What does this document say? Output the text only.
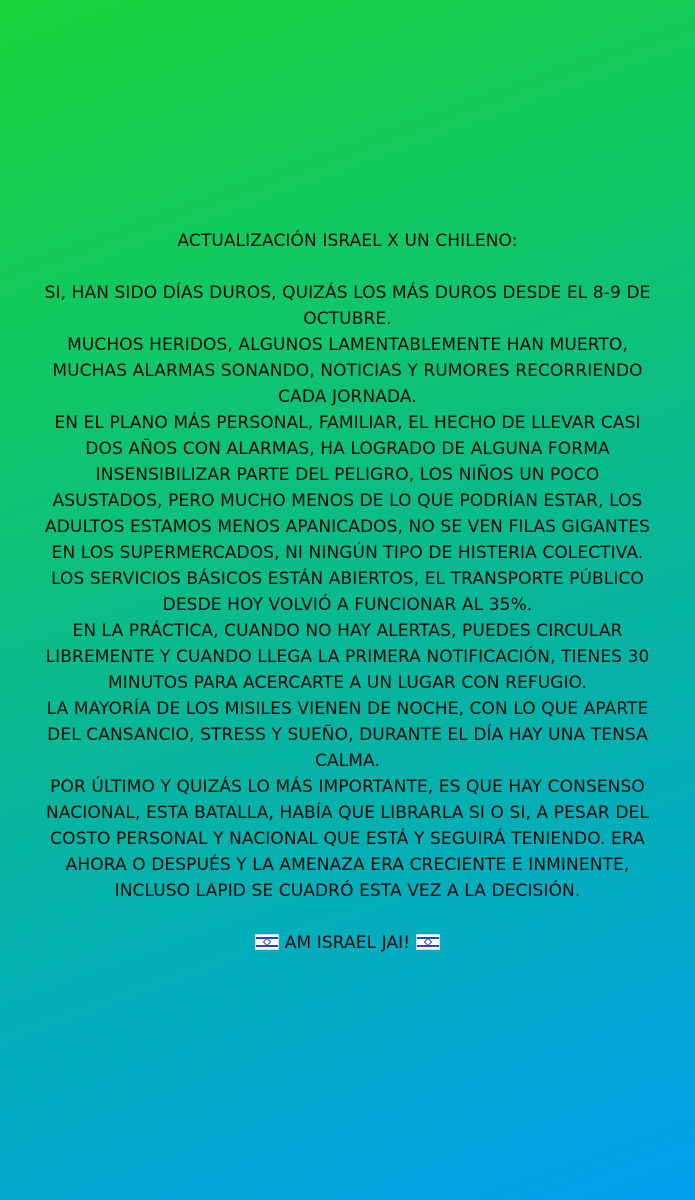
ACTUALIZACIÓN ISRAEL X UN CHILENO:
SI, HAN SIDO DÍAS DUROS, QUIZÁS LOS MÁS DUROS DESDE EL 8-9 DE
OCTUBRE.
MUCHOS HERIDOS, ALGUNOS LAMENTABLEMENTE HAN MUERTO,
MUCHAS ALARMAS SONANDO, NOTICIAS Y RUMORES RECORRIENDO
CADA JORNADA.
EN EL PLANO MÁS PERSONAL, FAMILIAR, EL HECHO DE LLEVAR CASI
DOS AÑOS CON ALARMAS, HA LOGRADO DE ALGUNA FORMA
INSENSIBILIZAR PARTE DEL PELIGRO, LOS NIÑOS UN POCO
ASUSTADOS, PERO MUCHO MENOS DE LO QUE PODRÍAN ESTAR, LOS
ADULTOS ESTAMOS MENOS APANICADOS, NO SE VEN FILAS GIGANTES
EN LOS SUPERMERCADOS, NI NINGÚN TIPO DE HISTERIA COLECTIVA.
LOS SERVICIOS BÁSICOS ESTÁN ABIERTOS, EL TRANSPORTE PÚBLICO
DESDE HOY VOLVIÓ A FUNCIONAR AL 35%.
EN LA PRÁCTICA, CUANDO NO HAY ALERTAS, PUEDES CIRCULAR
LIBREMENTE Y CUANDO LLEGA LA PRIMERA NOTIFICACIÓN, TIENES 30
MINUTOS PARA ACERCARTE A UN LUGAR CON REFUGIO.
LA MAYORÍA DE LOS MISILES VIENEN DE NOCHE, CON LO QUE APARTE
DEL CANSANCIO, STRESS Y SUEÑO, DURANTE EL DÍA HAY UNA TENSA
CALMA.
POR ÚLTIMO Y QUIZÁS LO MÁS IMPORTANTE, ES QUE HAY CONSENSO
NACIONAL, ESTA BATALLA, HABÍA QUE LIBRARLA SI O SI, A PESAR DEL
COSTO PERSONAL Y NACIONAL QUE ESTÁ Y SEGUIRÁ TENIENDO. ERA
AHORA O DESPUÉS Y LA AMENAZA ERA CRECIENTE E INMINENTE,
INCLUSO LAPID SE CUADRÓ ESTA VEZ A LA DECISIÓN.
AM ISRAEL JAI!
